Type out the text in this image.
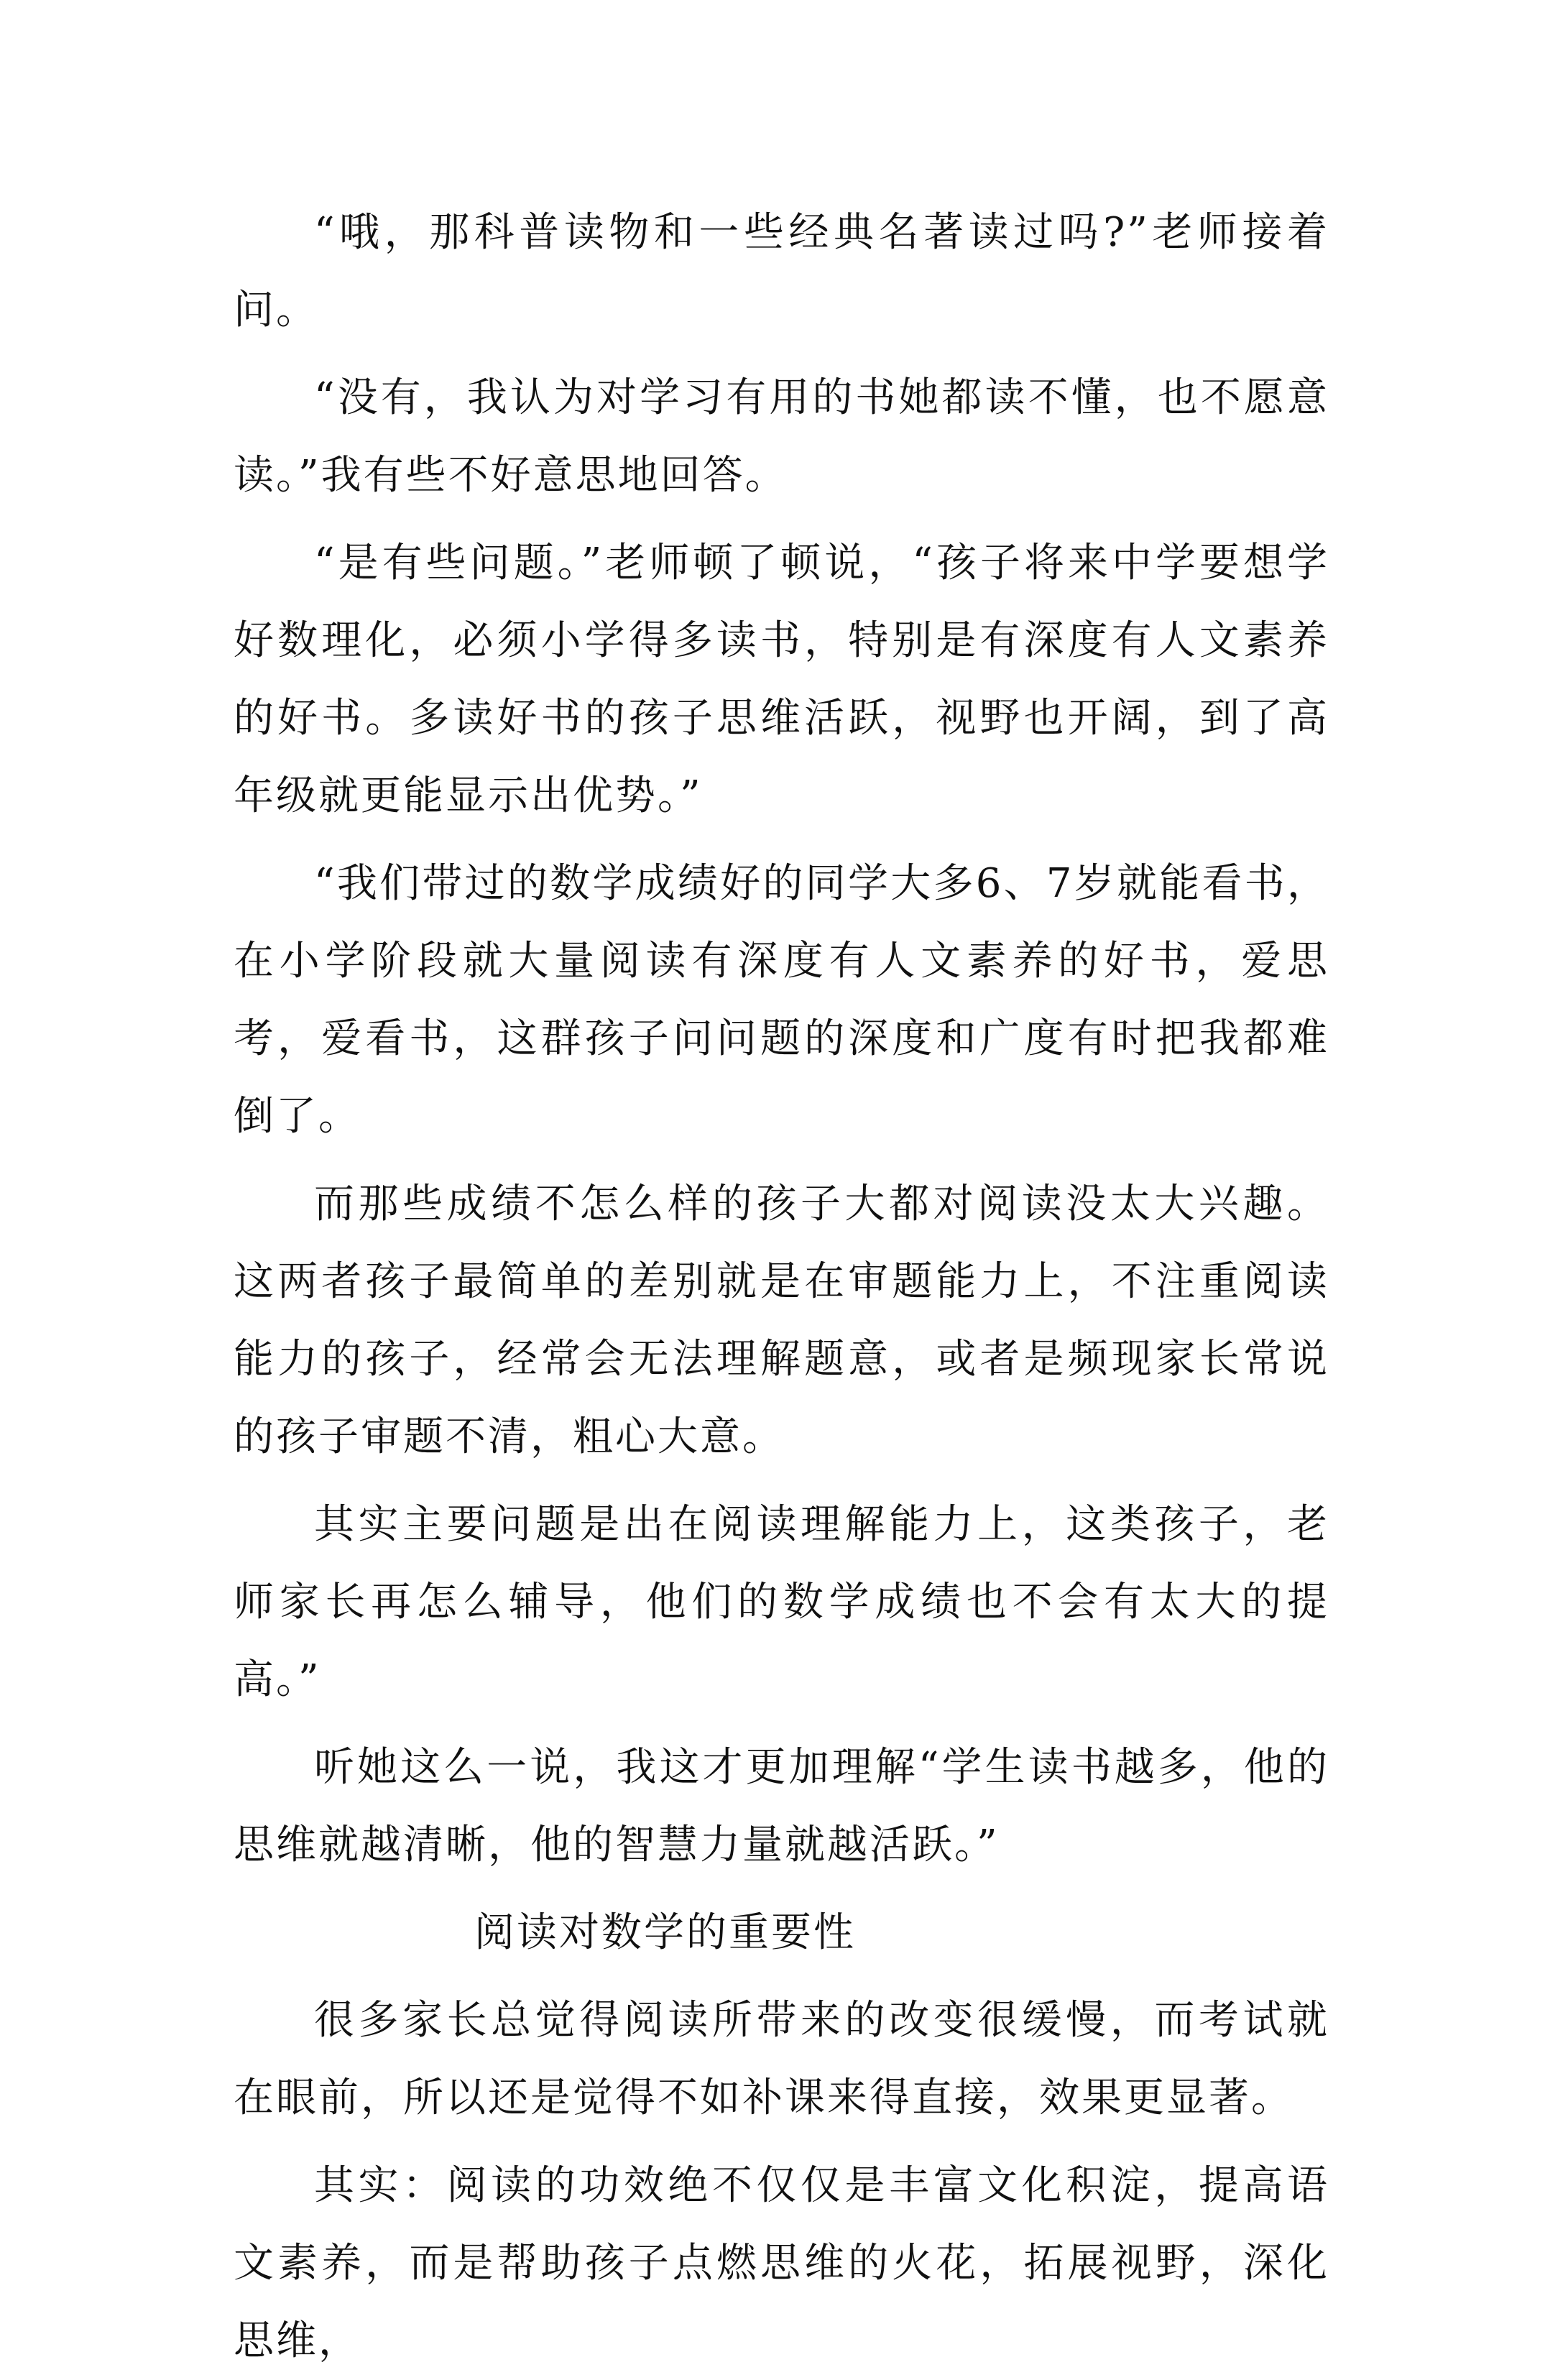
“哦，那科普读物和一些经典名著读过吗?”老师接着问。

“没有，我认为对学习有用的书她都读不懂，也不愿意读。”我有些不好意思地回答。

“是有些问题。”老师顿了顿说，“孩子将来中学要想学好数理化，必须小学得多读书，特别是有深度有人文素养的好书。多读好书的孩子思维活跃，视野也开阔，到了高年级就更能显示出优势。”

“我们带过的数学成绩好的同学大多6、7岁就能看书，在小学阶段就大量阅读有深度有人文素养的好书，爱思考，爱看书，这群孩子问问题的深度和广度有时把我都难倒了。

而那些成绩不怎么样的孩子大都对阅读没太大兴趣。这两者孩子最简单的差别就是在审题能力上，不注重阅读能力的孩子，经常会无法理解题意，或者是频现家长常说的孩子审题不清，粗心大意。

其实主要问题是出在阅读理解能力上，这类孩子，老师家长再怎么辅导，他们的数学成绩也不会有太大的提高。”

听她这么一说，我这才更加理解“学生读书越多，他的思维就越清晰，他的智慧力量就越活跃。”

阅读对数学的重要性

很多家长总觉得阅读所带来的改变很缓慢，而考试就在眼前，所以还是觉得不如补课来得直接，效果更显著。

其实：阅读的功效绝不仅仅是丰富文化积淀，提高语文素养，而是帮助孩子点燃思维的火花，拓展视野，深化思维，
